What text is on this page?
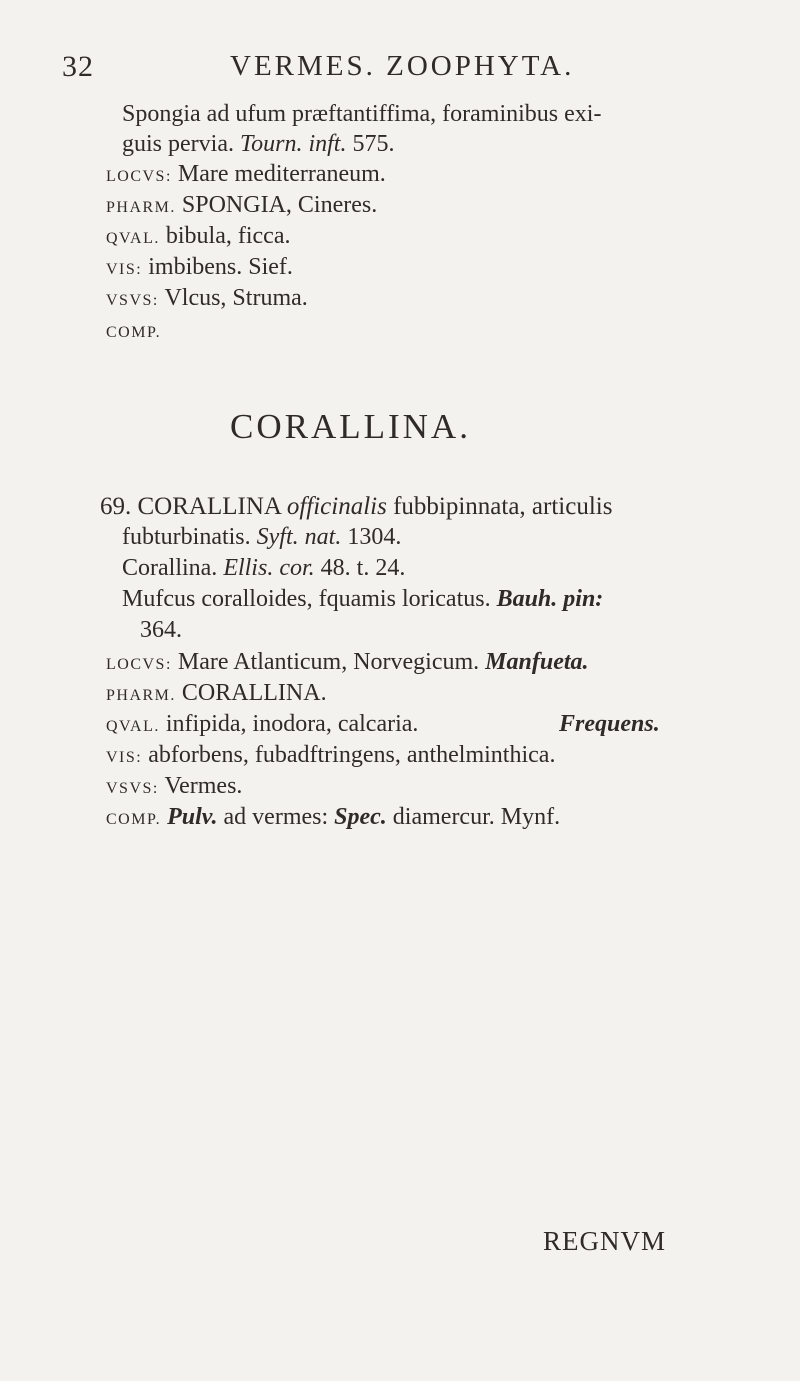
32	VERMES. ZOOPHYTA.
Spongia ad ufum præftantiffima, foraminibus exi-
guis pervia. Tourn. inft. 575.
LOCVS: Mare mediterraneum.
PHARM. SPONGIA, Cineres.
QVAL. bibula, ficca.
VIS: imbibens. Sief.
VSVS: Vlcus, Struma.
COMP.
CORALLINA.
69. CORALLINA officinalis fubbipinnata, articulis
fubturbinatis. Syft. nat. 1304.
Corallina. Ellis. cor. 48. t. 24.
Mufcus coralloides, fquamis loricatus. Bauh. pin:
364.
LOCVS: Mare Atlanticum, Norvegicum. Manfueta.
PHARM. CORALLINA.
QVAL. infipida, inodora, calcaria.	Frequens.
VIS: abforbens, fubadftringens, anthelminthica.
VSVS: Vermes.
COMP. Pulv. ad vermes: Spec. diamercur. Mynf.
REGNVM
